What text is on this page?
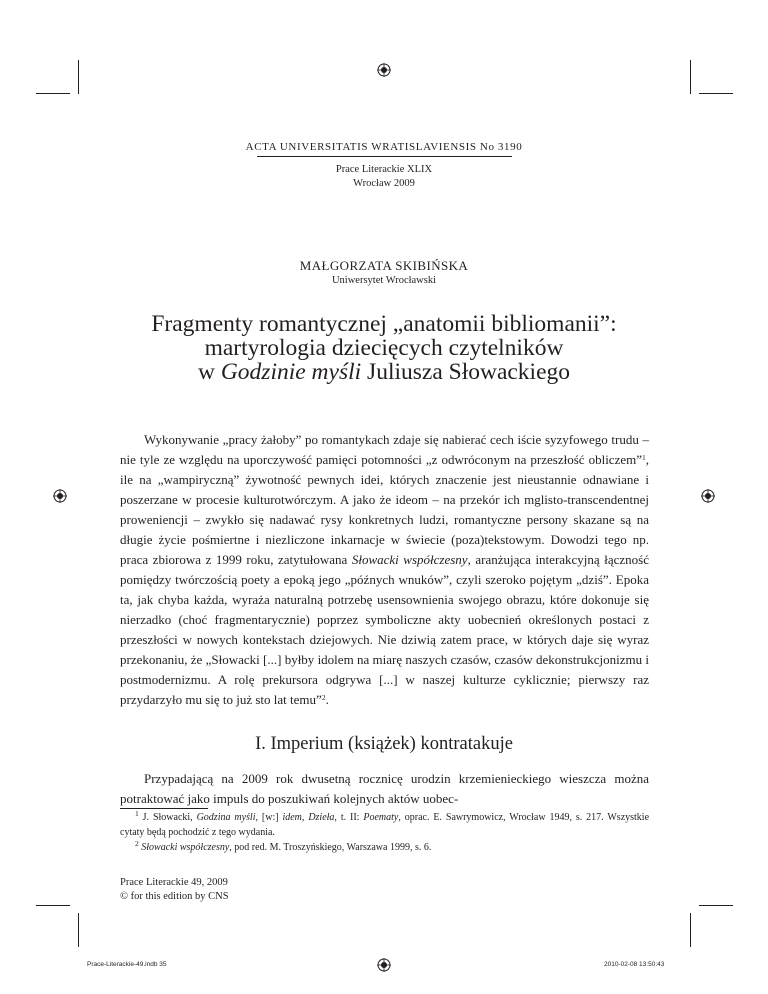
ACTA UNIVERSITATIS WRATISLAVIENSIS No 3190
Prace Literackie XLIX
Wrocław 2009
MAŁGORZATA SKIBIŃSKA
Uniwersytet Wrocławski
Fragmenty romantycznej „anatomii bibliomanii”:
martyrologia dziecięcych czytelników
w Godzinie myśli Juliusza Słowackiego

Wykonywanie „pracy żałoby” po romantykach zdaje się nabierać cech iście syzyfowego trudu – nie tyle ze względu na uporczywość pamięci potomności „z odwróconym na przeszłość obliczem”$^1$, ile na „wampiryczną” żywotność pewnych idei, których znaczenie jest nieustannie odnawiane i poszerzane w procesie kulturotwórczym. A jako że ideom – na przekór ich mglisto-transcendentnej proweniencji – zwykło się nadawać rysy konkretnych ludzi, romantyczne persony skazane są na długie życie pośmiertne i niezliczone inkarnacje w świecie (poza)tekstowym. Dowodzi tego np. praca zbiorowa z 1999 roku, zatytułowana Słowacki współczesny, aranżująca interakcyjną łączność pomiędzy twórczością poety a epoką jego „późnych wnuków”, czyli szeroko pojętym „dziś”. Epoka ta, jak chyba każda, wyraża naturalną potrzebę usensownienia swojego obrazu, które dokonuje się nierzadko (choć fragmentarycznie) poprzez symboliczne akty uobecnień określonych postaci z przeszłości w nowych kontekstach dziejowych. Nie dziwią zatem prace, w których daje się wyraz przekonaniu, że „Słowacki [...] byłby idolem na miarę naszych czasów, czasów dekonstrukcjonizmu i postmodernizmu. A rolę prekursora odgrywa [...] w naszej kulturze cyklicznie; pierwszy raz przydarzyło mu się to już sto lat temu”$^2$.

I. Imperium (książek) kontratakuje

Przypadającą na 2009 rok dwusetną rocznicę urodzin krzemienieckiego wieszcza można potraktować jako impuls do poszukiwań kolejnych aktów uobec-

$^1$ J. Słowacki, Godzina myśli, [w:] idem, Dzieła, t. II: Poematy, oprac. E. Sawrymowicz, Wrocław 1949, s. 217. Wszystkie cytaty będą pochodzić z tego wydania.
$^2$ Słowacki współczesny, pod red. M. Troszyńskiego, Warszawa 1999, s. 6.
Prace Literackie 49, 2009
© for this edition by CNS
Prace-Literackie-49.indb 35	2010-02-08 13:50:43
